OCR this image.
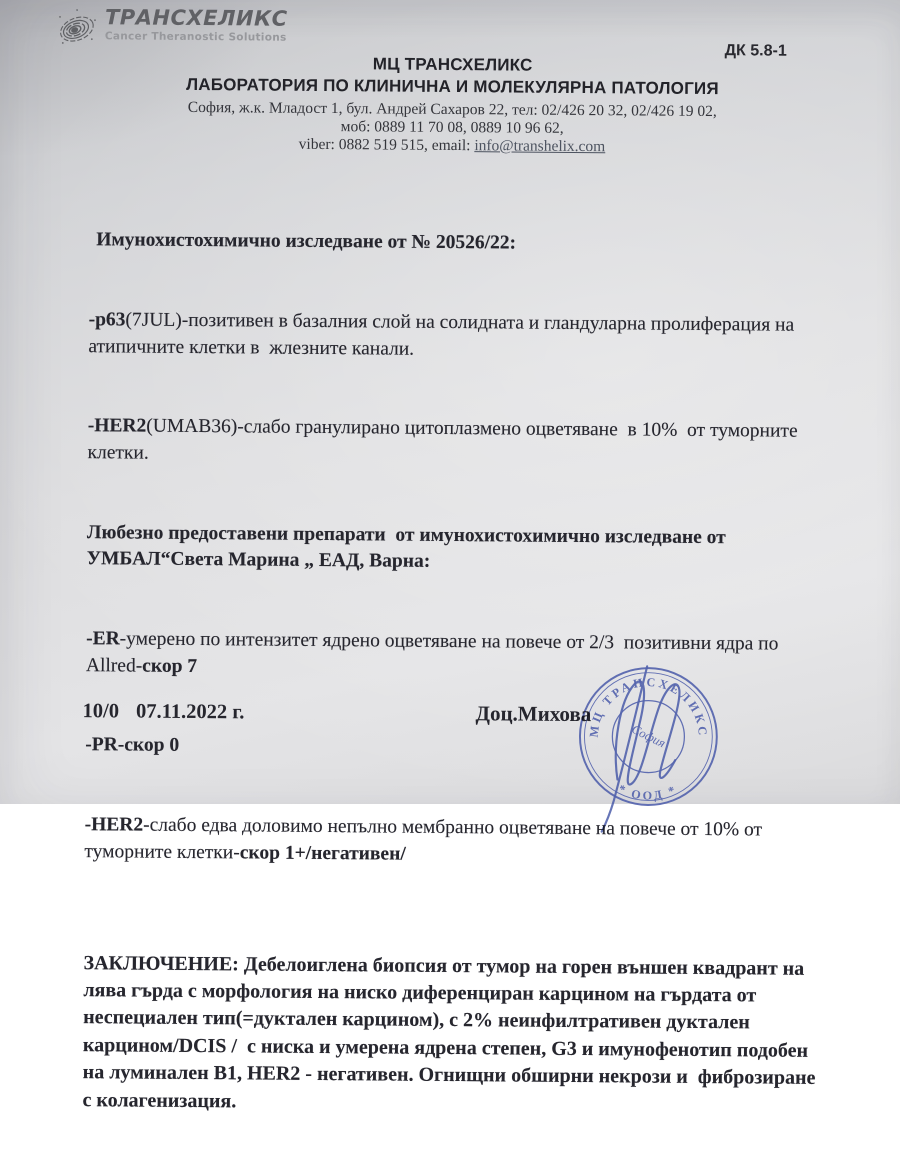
ТРАНСХЕЛИКС
Cancer Theranostic Solutions
ДК 5.8-1
МЦ ТРАНСХЕЛИКС
ЛАБОРАТОРИЯ ПО КЛИНИЧНА И МОЛЕКУЛЯРНА ПАТОЛОГИЯ
София, ж.к. Младост 1, бул. Андрей Сахаров 22, тел: 02/426 20 32, 02/426 19 02,
моб: 0889 11 70 08, 0889 10 96 62,
viber: 0882 519 515, email: info@transhelix.com

Имунохистохимично изследване от № 20526/22:

-p63(7JUL)-позитивен в базалния слой на солидната и гландуларна пролиферация на атипичните клетки в  жлезните канали.

-HER2(UMAB36)-слабо гранулирано цитоплазмено оцветяване  в 10%  от туморните клетки.

Любезно предоставени препарати  от имунохистохимично изследване от УМБАЛ“Света Марина „ ЕАД, Варна:

-ER-умерено по интензитет ядрено оцветяване на повече от 2/3  позитивни ядра по  Allred-скор 7

-PR-скор 0

-HER2-слабо едва доловимо непълно мембранно оцветяване на повече от 10% от  туморните клетки-скор 1+/негативен/

ЗАКЛЮЧЕНИЕ: Дебелоиглена биопсия от тумор на горен външен квадрант на лява гърда с морфология на ниско диференциран карцином на гърдата от неспециален тип(=дуктален карцином), с 2% неинфилтративен дуктален карцином/DCIS /  с ниска и умерена ядрена степен, G3 и имунофенотип подобен на луминален B1, HER2 - негативен. Огнищни обширни некрози и  фиброзиране с колагенизация.

10/0 07.11.2022 г.	Доц.Михова
МЦ ТРАНСХЕЛИКС
* ООД *
София
